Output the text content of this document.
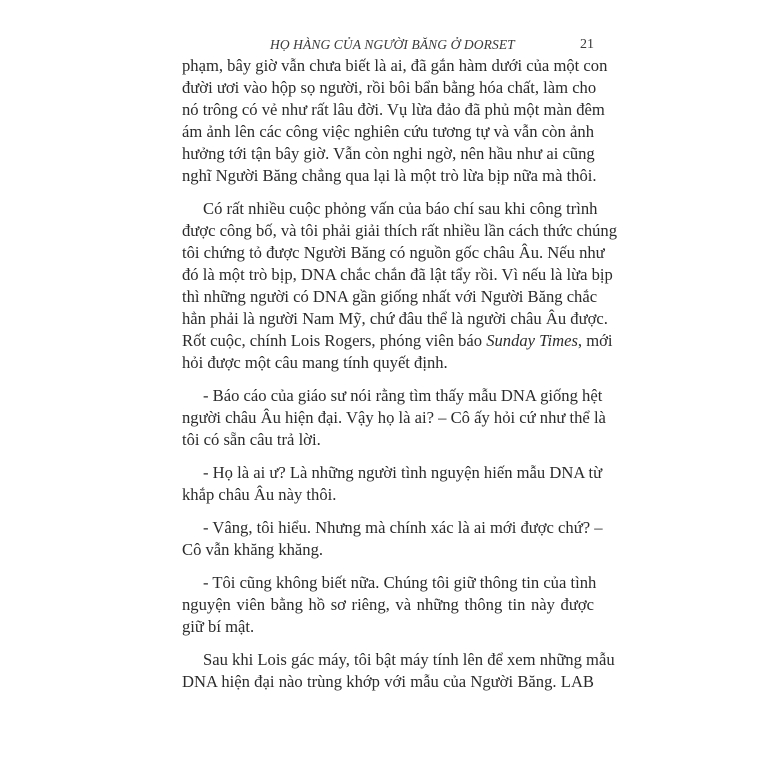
HỌ HÀNG CỦA NGƯỜI BĂNG Ở DORSET	21

phạm, bây giờ vẫn chưa biết là ai, đã gắn hàm dưới của một con
đười ươi vào hộp sọ người, rồi bôi bẩn bằng hóa chất, làm cho
nó trông có vẻ như rất lâu đời. Vụ lừa đảo đã phủ một màn đêm
ám ảnh lên các công việc nghiên cứu tương tự và vẫn còn ảnh
hưởng tới tận bây giờ. Vẫn còn nghi ngờ, nên hầu như ai cũng
nghĩ Người Băng chẳng qua lại là một trò lừa bịp nữa mà thôi.

Có rất nhiều cuộc phỏng vấn của báo chí sau khi công trình
được công bố, và tôi phải giải thích rất nhiều lần cách thức chúng
tôi chứng tỏ được Người Băng có nguồn gốc châu Âu. Nếu như
đó là một trò bịp, DNA chắc chắn đã lật tẩy rồi. Vì nếu là lừa bịp
thì những người có DNA gần giống nhất với Người Băng chắc
hẳn phải là người Nam Mỹ, chứ đâu thể là người châu Âu được.
Rốt cuộc, chính Lois Rogers, phóng viên báo Sunday Times, mới
hỏi được một câu mang tính quyết định.

- Báo cáo của giáo sư nói rằng tìm thấy mẫu DNA giống hệt
người châu Âu hiện đại. Vậy họ là ai? – Cô ấy hỏi cứ như thể là
tôi có sẵn câu trả lời.

- Họ là ai ư? Là những người tình nguyện hiến mẫu DNA từ
khắp châu Âu này thôi.

- Vâng, tôi hiểu. Nhưng mà chính xác là ai mới được chứ? –
Cô vẫn khăng khăng.

- Tôi cũng không biết nữa. Chúng tôi giữ thông tin của tình
nguyện viên bằng hồ sơ riêng, và những thông tin này được
giữ bí mật.

Sau khi Lois gác máy, tôi bật máy tính lên để xem những mẫu
DNA hiện đại nào trùng khớp với mẫu của Người Băng. LAB
